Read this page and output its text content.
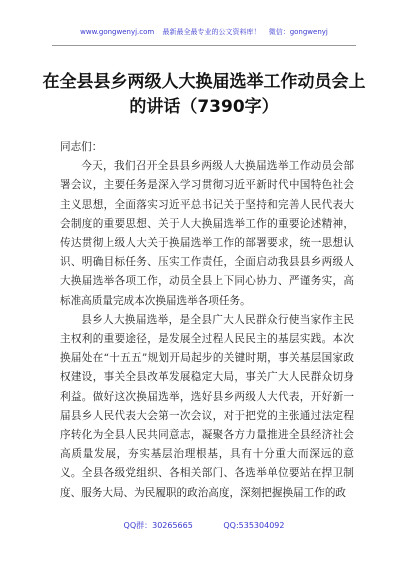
www.gongwenyj.com 最新最全最专业的公文资料库！ 微信：gongwenyj
在全县县乡两级人大换届选举工作动员会上的讲话（7390字）

同志们：

今天，我们召开全县县乡两级人大换届选举工作动员会部署会议，主要任务是深入学习贯彻习近平新时代中国特色社会主义思想，全面落实习近平总书记关于坚持和完善人民代表大会制度的重要思想、关于人大换届选举工作的重要论述精神，传达贯彻上级人大关于换届选举工作的部署要求，统一思想认识、明确目标任务、压实工作责任，全面启动我县县乡两级人大换届选举各项工作，动员全县上下同心协力、严谨务实，高标准高质量完成本次换届选举各项任务。

县乡人大换届选举，是全县广大人民群众行使当家作主民主权利的重要途径，是发展全过程人民民主的基层实践。本次换届处在“十五五”规划开局起步的关键时期，事关基层国家政权建设，事关全县改革发展稳定大局，事关广大人民群众切身利益。做好这次换届选举，选好县乡两级人大代表，开好新一届县乡人民代表大会第一次会议，对于把党的主张通过法定程序转化为全县人民共同意志，凝聚各方力量推进全县经济社会高质量发展，夯实基层治理根基，具有十分重大而深远的意义。全县各级党组织、各相关部门、各选举单位要站在捍卫制度、服务大局、为民履职的政治高度，深刻把握换届工作的政

QQ群：30265665	QQ:535304092
